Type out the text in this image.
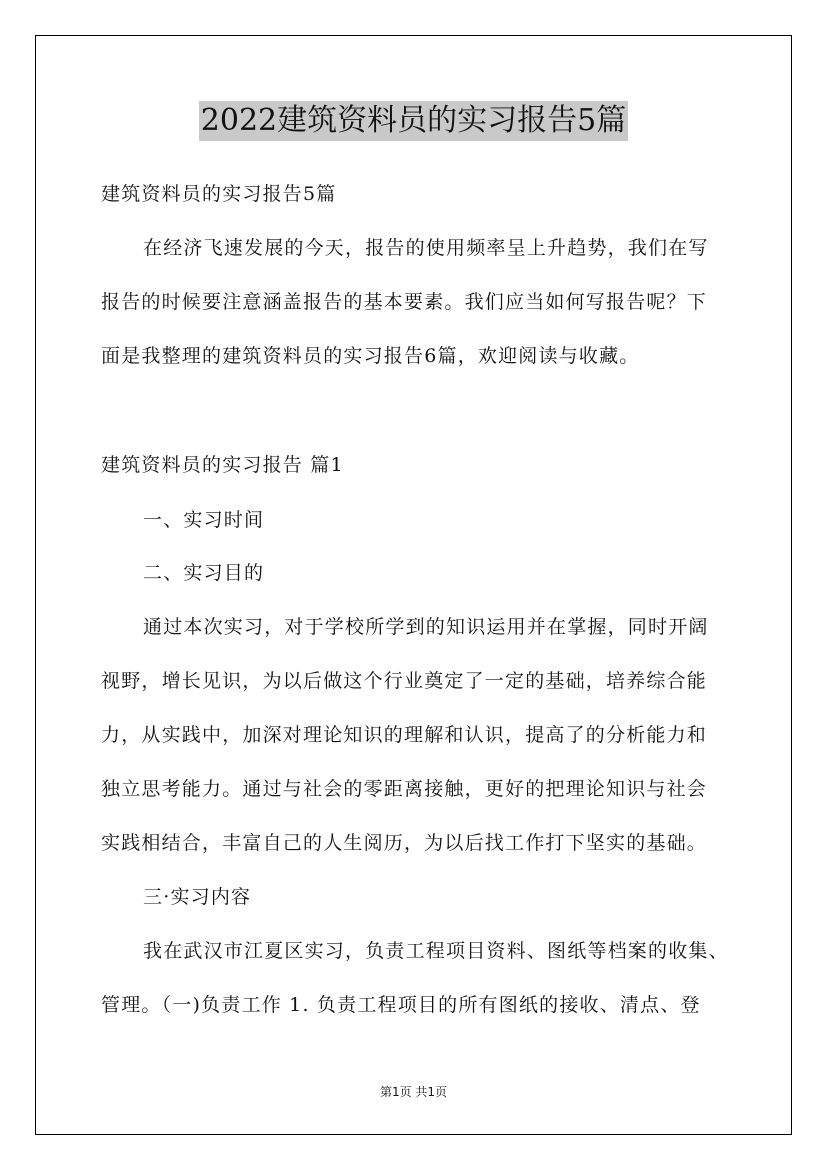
2022建筑资料员的实习报告5篇
建筑资料员的实习报告5篇
在经济飞速发展的今天，报告的使用频率呈上升趋势，我们在写
报告的时候要注意涵盖报告的基本要素。我们应当如何写报告呢？下
面是我整理的建筑资料员的实习报告6篇，欢迎阅读与收藏。
建筑资料员的实习报告 篇1
一、实习时间
二、实习目的
通过本次实习，对于学校所学到的知识运用并在掌握，同时开阔
视野，增长见识，为以后做这个行业奠定了一定的基础，培养综合能
力，从实践中，加深对理论知识的理解和认识，提高了的分析能力和
独立思考能力。通过与社会的零距离接触，更好的把理论知识与社会
实践相结合，丰富自己的人生阅历，为以后找工作打下坚实的基础。
三·实习内容
我在武汉市江夏区实习，负责工程项目资料、图纸等档案的收集、
管理。（一)负责工作 1. 负责工程项目的所有图纸的接收、清点、登
第1页 共1页
